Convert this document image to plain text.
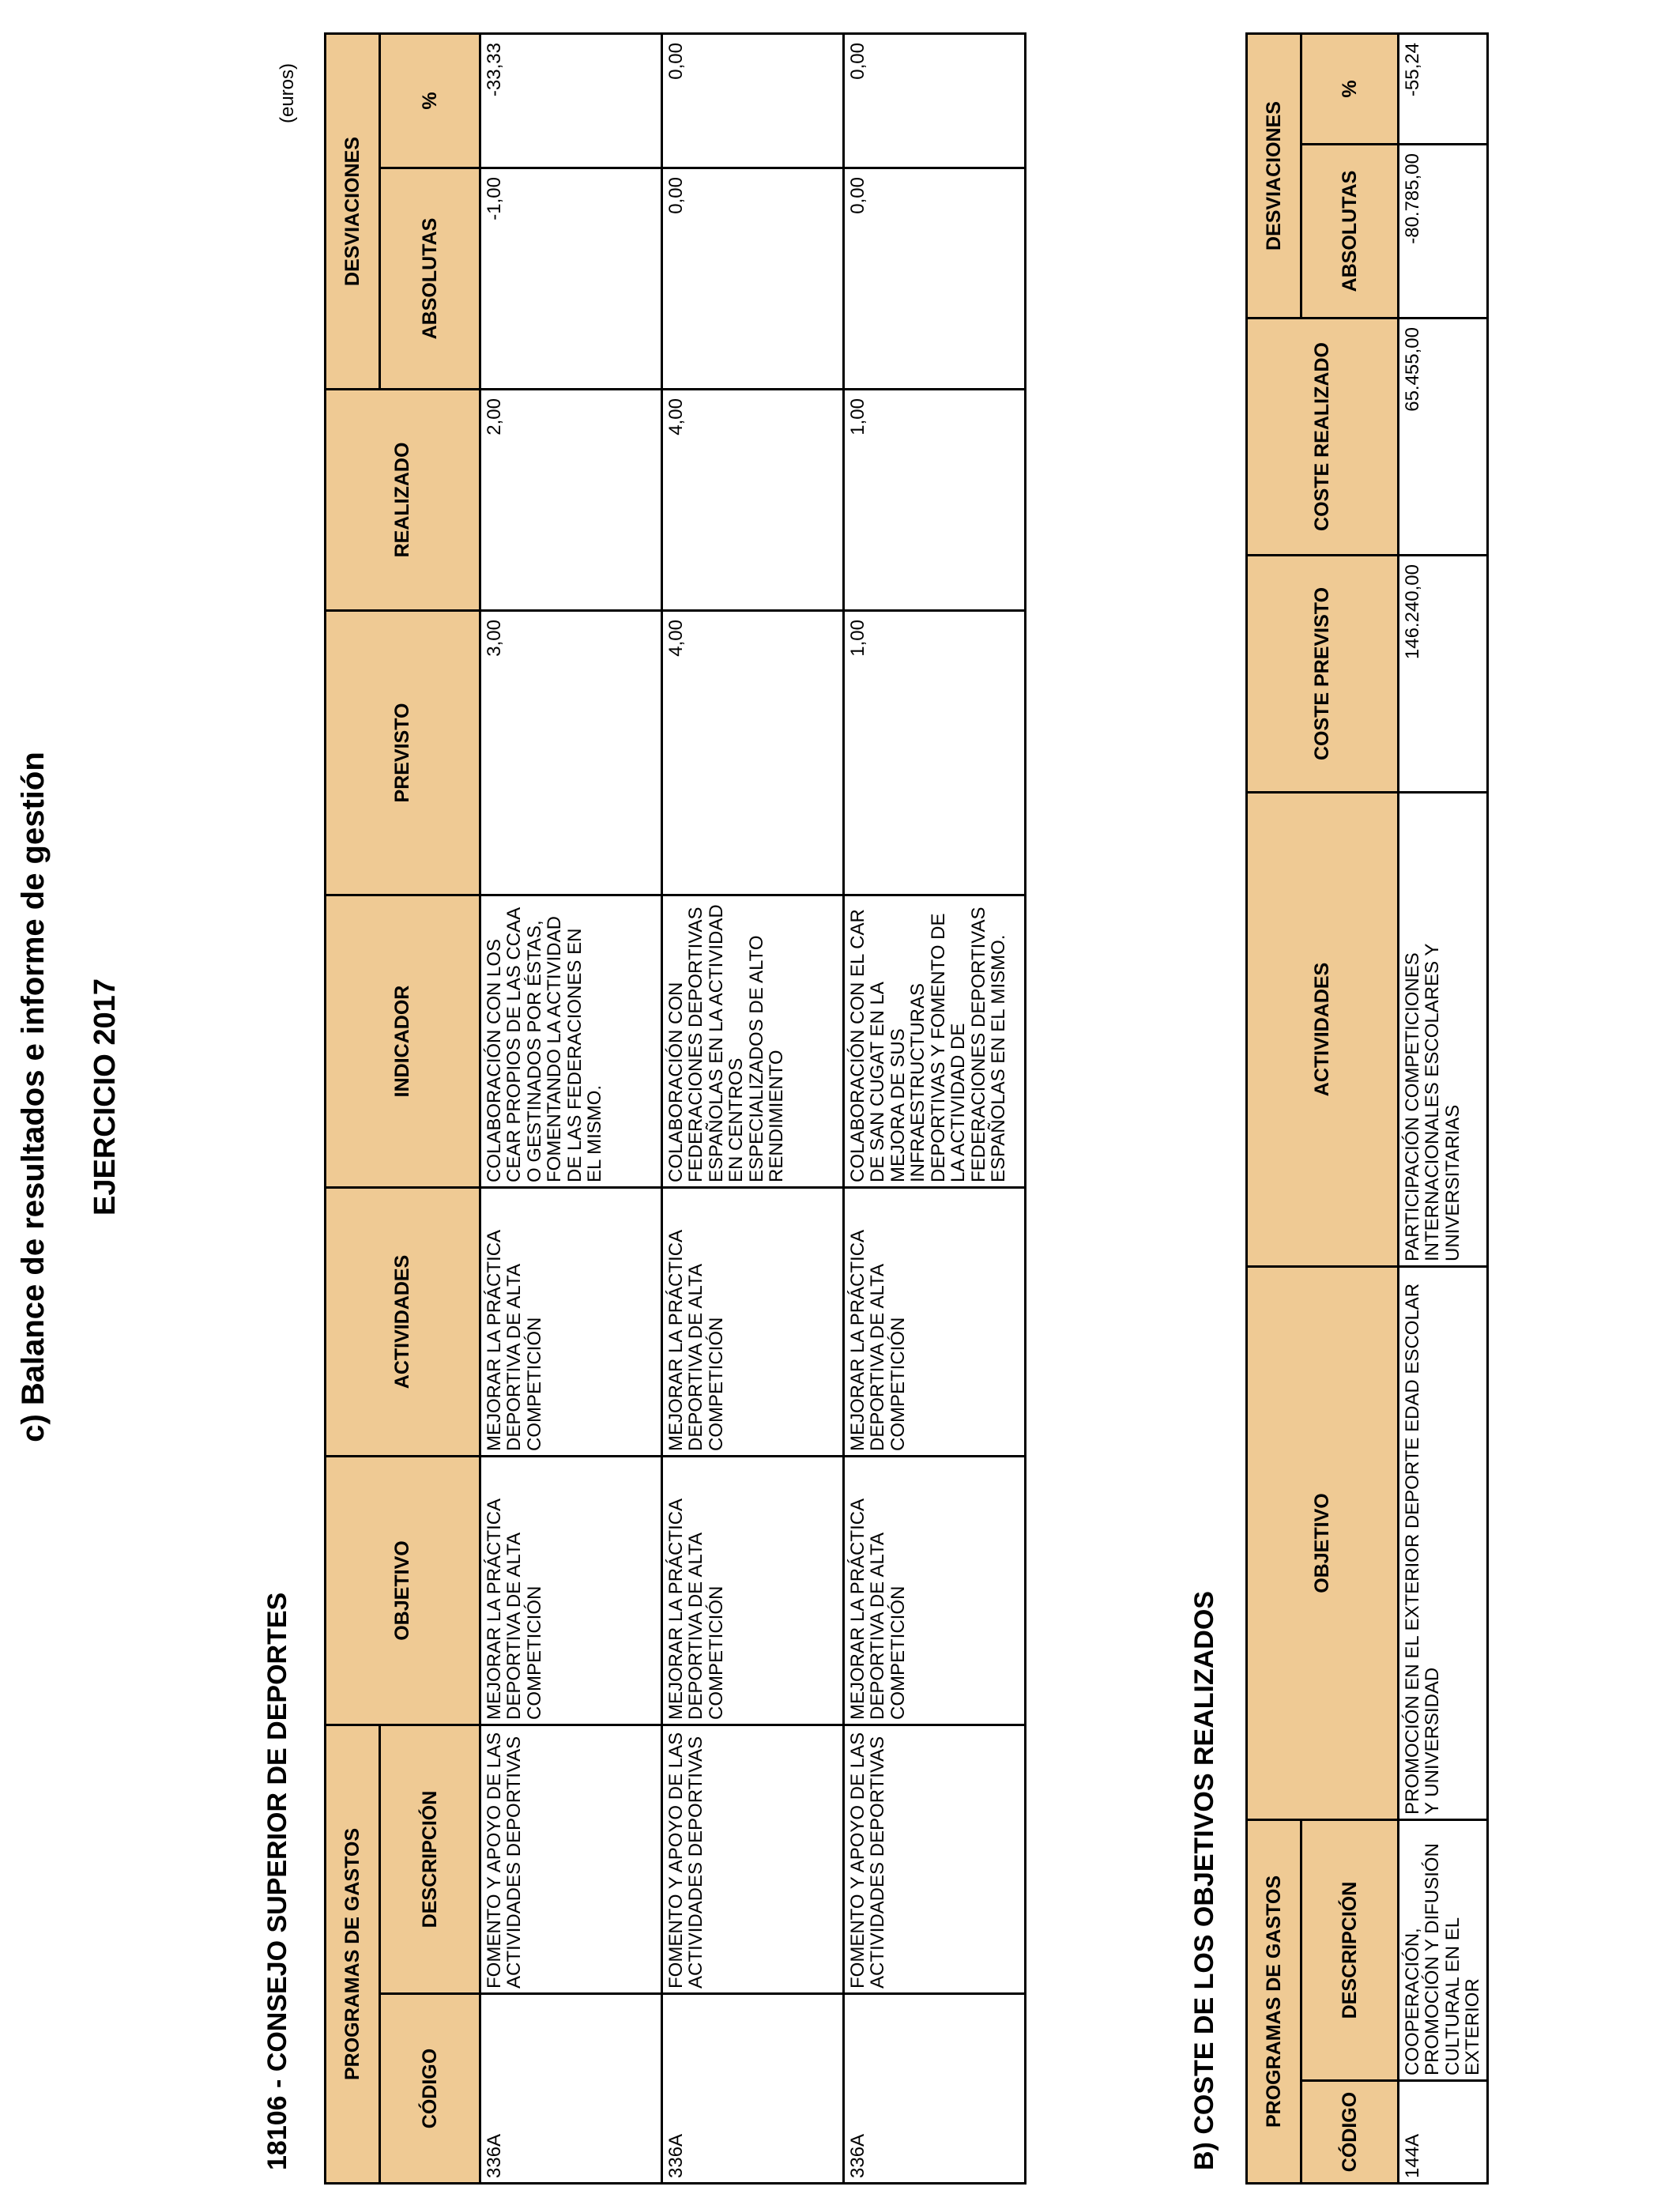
c) Balance de resultados e informe de gestión EJERCICIO 2017
(euros)
18106 - CONSEJO SUPERIOR DE DEPORTES PROGRAMAS DE GASTOS		OBJETIVO	ACTIVIDADES	INDICADOR	PREVISTO	REALIZADO	DESVIACIONES	
CÓDIGO	DESCRIPCIÓN						ABSOLUTAS	%
336A	FOMENTO Y APOYO DE LAS ACTIVIDADES DEPORTIVAS	MEJORAR LA PRÁCTICA DEPORTIVA DE ALTA COMPETICIÓN	MEJORAR LA PRÁCTICA DEPORTIVA DE ALTA COMPETICIÓN	COLABORACIÓN CON LOS CEAR PROPIOS DE LAS CCAA O GESTINADOS POR ÉSTAS, FOMENTANDO LA ACTIVIDAD DE LAS FEDERACIONES EN EL MISMO.	3,00	2,00	-1,00	-33,33
336A	FOMENTO Y APOYO DE LAS ACTIVIDADES DEPORTIVAS	MEJORAR LA PRÁCTICA DEPORTIVA DE ALTA COMPETICIÓN	MEJORAR LA PRÁCTICA DEPORTIVA DE ALTA COMPETICIÓN	COLABORACIÓN CON FEDERACIONES DEPORTIVAS ESPAÑOLAS EN LA ACTIVIDAD EN CENTROS ESPECIALIZADOS DE ALTO RENDIMIENTO	4,00	4,00	0,00	0,00
336A	FOMENTO Y APOYO DE LAS ACTIVIDADES DEPORTIVAS	MEJORAR LA PRÁCTICA DEPORTIVA DE ALTA COMPETICIÓN	MEJORAR LA PRÁCTICA DEPORTIVA DE ALTA COMPETICIÓN	COLABORACIÓN CON EL CAR DE SAN CUGAT EN LA MEJORA DE SUS INFRAESTRUCTURAS DEPORTIVAS Y FOMENTO DE LA ACTIVIDAD DE FEDERACIONES DEPORTIVAS ESPAÑOLAS EN EL MISMO.	1,00	1,00	0,00	0,00
B) COSTE DE LOS OBJETIVOS REALIZADOS PROGRAMAS DE GASTOS		OBJETIVO	ACTIVIDADES	COSTE PREVISTO	COSTE REALIZADO	DESVIACIONES	
CÓDIGO	DESCRIPCIÓN					ABSOLUTAS	%
144A	COOPERACIÓN, PROMOCIÓN Y DIFUSIÓN CULTURAL EN EL EXTERIOR	PROMOCIÓN EN EL EXTERIOR DEPORTE EDAD ESCOLAR Y UNIVERSIDAD	PARTICIPACIÓN COMPETICIONES INTERNACIONALES ESCOLARES Y UNIVERSITARIAS	146.240,00	65.455,00	-80.785,00	-55,24
